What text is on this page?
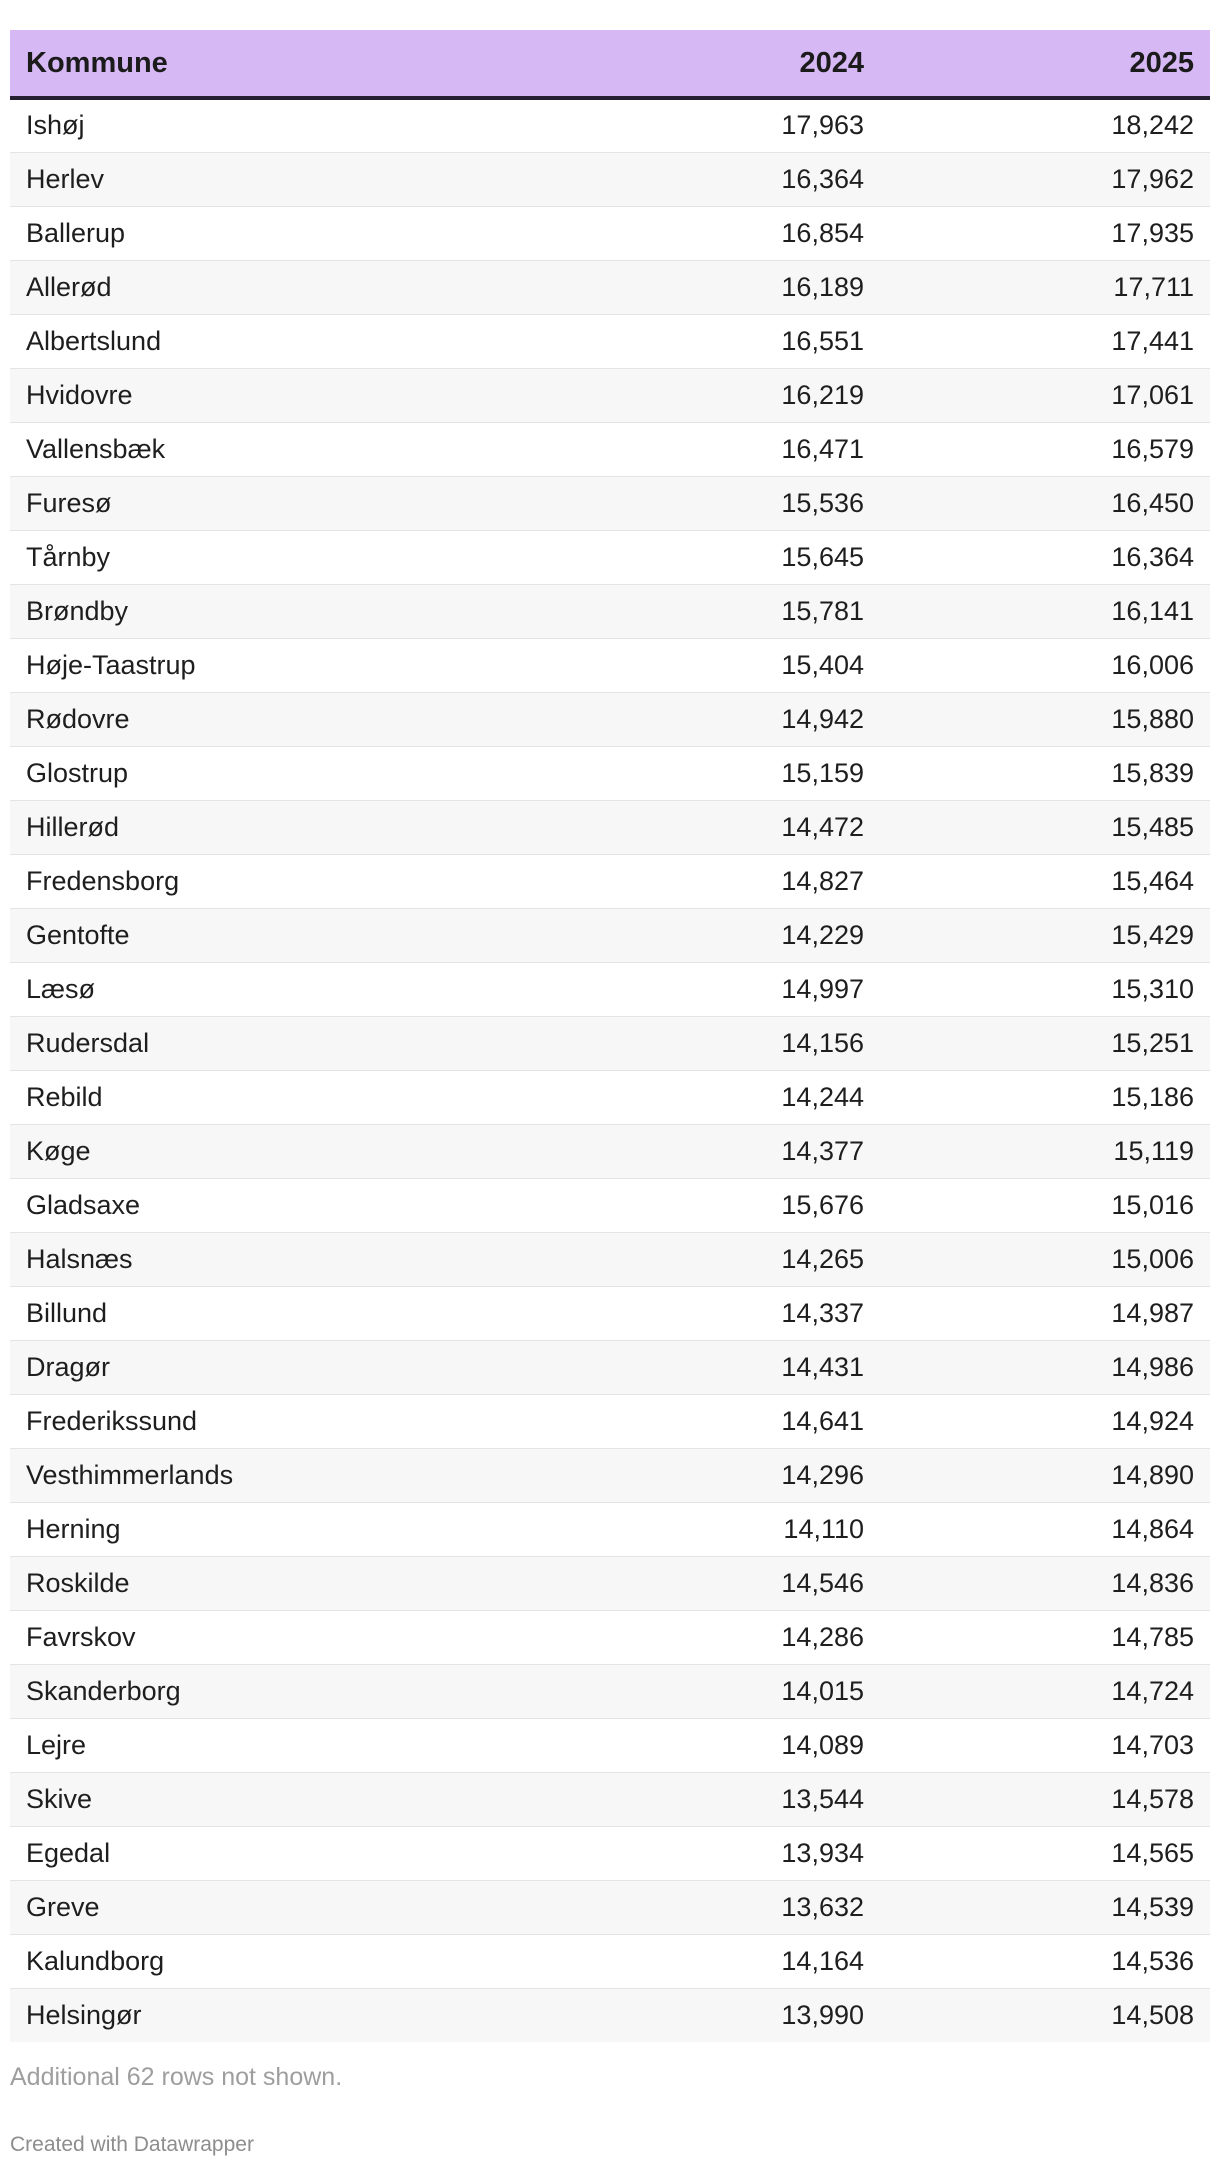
Kommune	2024	2025
Ishøj	17,963	18,242
Herlev	16,364	17,962
Ballerup	16,854	17,935
Allerød	16,189	17,711
Albertslund	16,551	17,441
Hvidovre	16,219	17,061
Vallensbæk	16,471	16,579
Furesø	15,536	16,450
Tårnby	15,645	16,364
Brøndby	15,781	16,141
Høje-Taastrup	15,404	16,006
Rødovre	14,942	15,880
Glostrup	15,159	15,839
Hillerød	14,472	15,485
Fredensborg	14,827	15,464
Gentofte	14,229	15,429
Læsø	14,997	15,310
Rudersdal	14,156	15,251
Rebild	14,244	15,186
Køge	14,377	15,119
Gladsaxe	15,676	15,016
Halsnæs	14,265	15,006
Billund	14,337	14,987
Dragør	14,431	14,986
Frederikssund	14,641	14,924
Vesthimmerlands	14,296	14,890
Herning	14,110	14,864
Roskilde	14,546	14,836
Favrskov	14,286	14,785
Skanderborg	14,015	14,724
Lejre	14,089	14,703
Skive	13,544	14,578
Egedal	13,934	14,565
Greve	13,632	14,539
Kalundborg	14,164	14,536
Helsingør	13,990	14,508
Additional 62 rows not shown.
Created with Datawrapper
